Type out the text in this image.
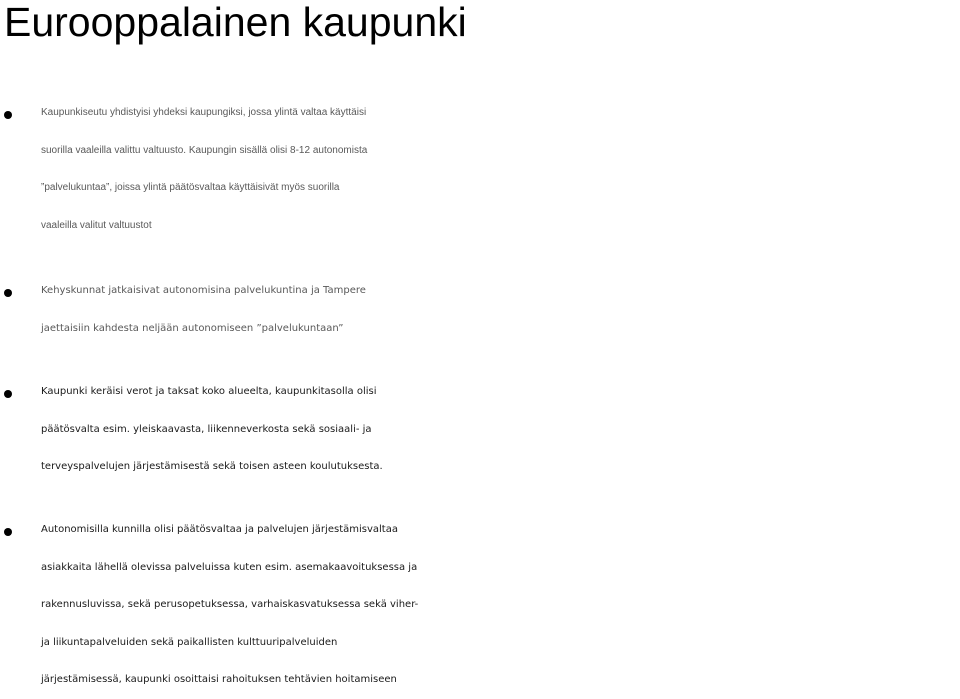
Eurooppalainen kaupunki
Kaupunkiseutu yhdistyisi yhdeksi kaupungiksi, jossa ylintä valtaa käyttäisi
suorilla vaaleilla valittu valtuusto. Kaupungin sisällä olisi 8-12 autonomista
”palvelukuntaa”, joissa ylintä päätösvaltaa käyttäisivät myös suorilla
vaaleilla valitut valtuustot
Kehyskunnat jatkaisivat autonomisina palvelukuntina ja Tampere
jaettaisiin kahdesta neljään autonomiseen ”palvelukuntaan”
Kaupunki keräisi verot ja taksat koko alueelta, kaupunkitasolla olisi
päätösvalta esim. yleiskaavasta, liikenneverkosta sekä sosiaali- ja
terveyspalvelujen järjestämisestä sekä toisen asteen koulutuksesta.
Autonomisilla kunnilla olisi päätösvaltaa ja palvelujen järjestämisvaltaa
asiakkaita lähellä olevissa palveluissa kuten esim. asemakaavoituksessa ja
rakennusluvissa, sekä perusopetuksessa, varhaiskasvatuksessa sekä viher-
ja liikuntapalveluiden sekä paikallisten kulttuuripalveluiden
järjestämisessä, kaupunki osoittaisi rahoituksen tehtävien hoitamiseen
